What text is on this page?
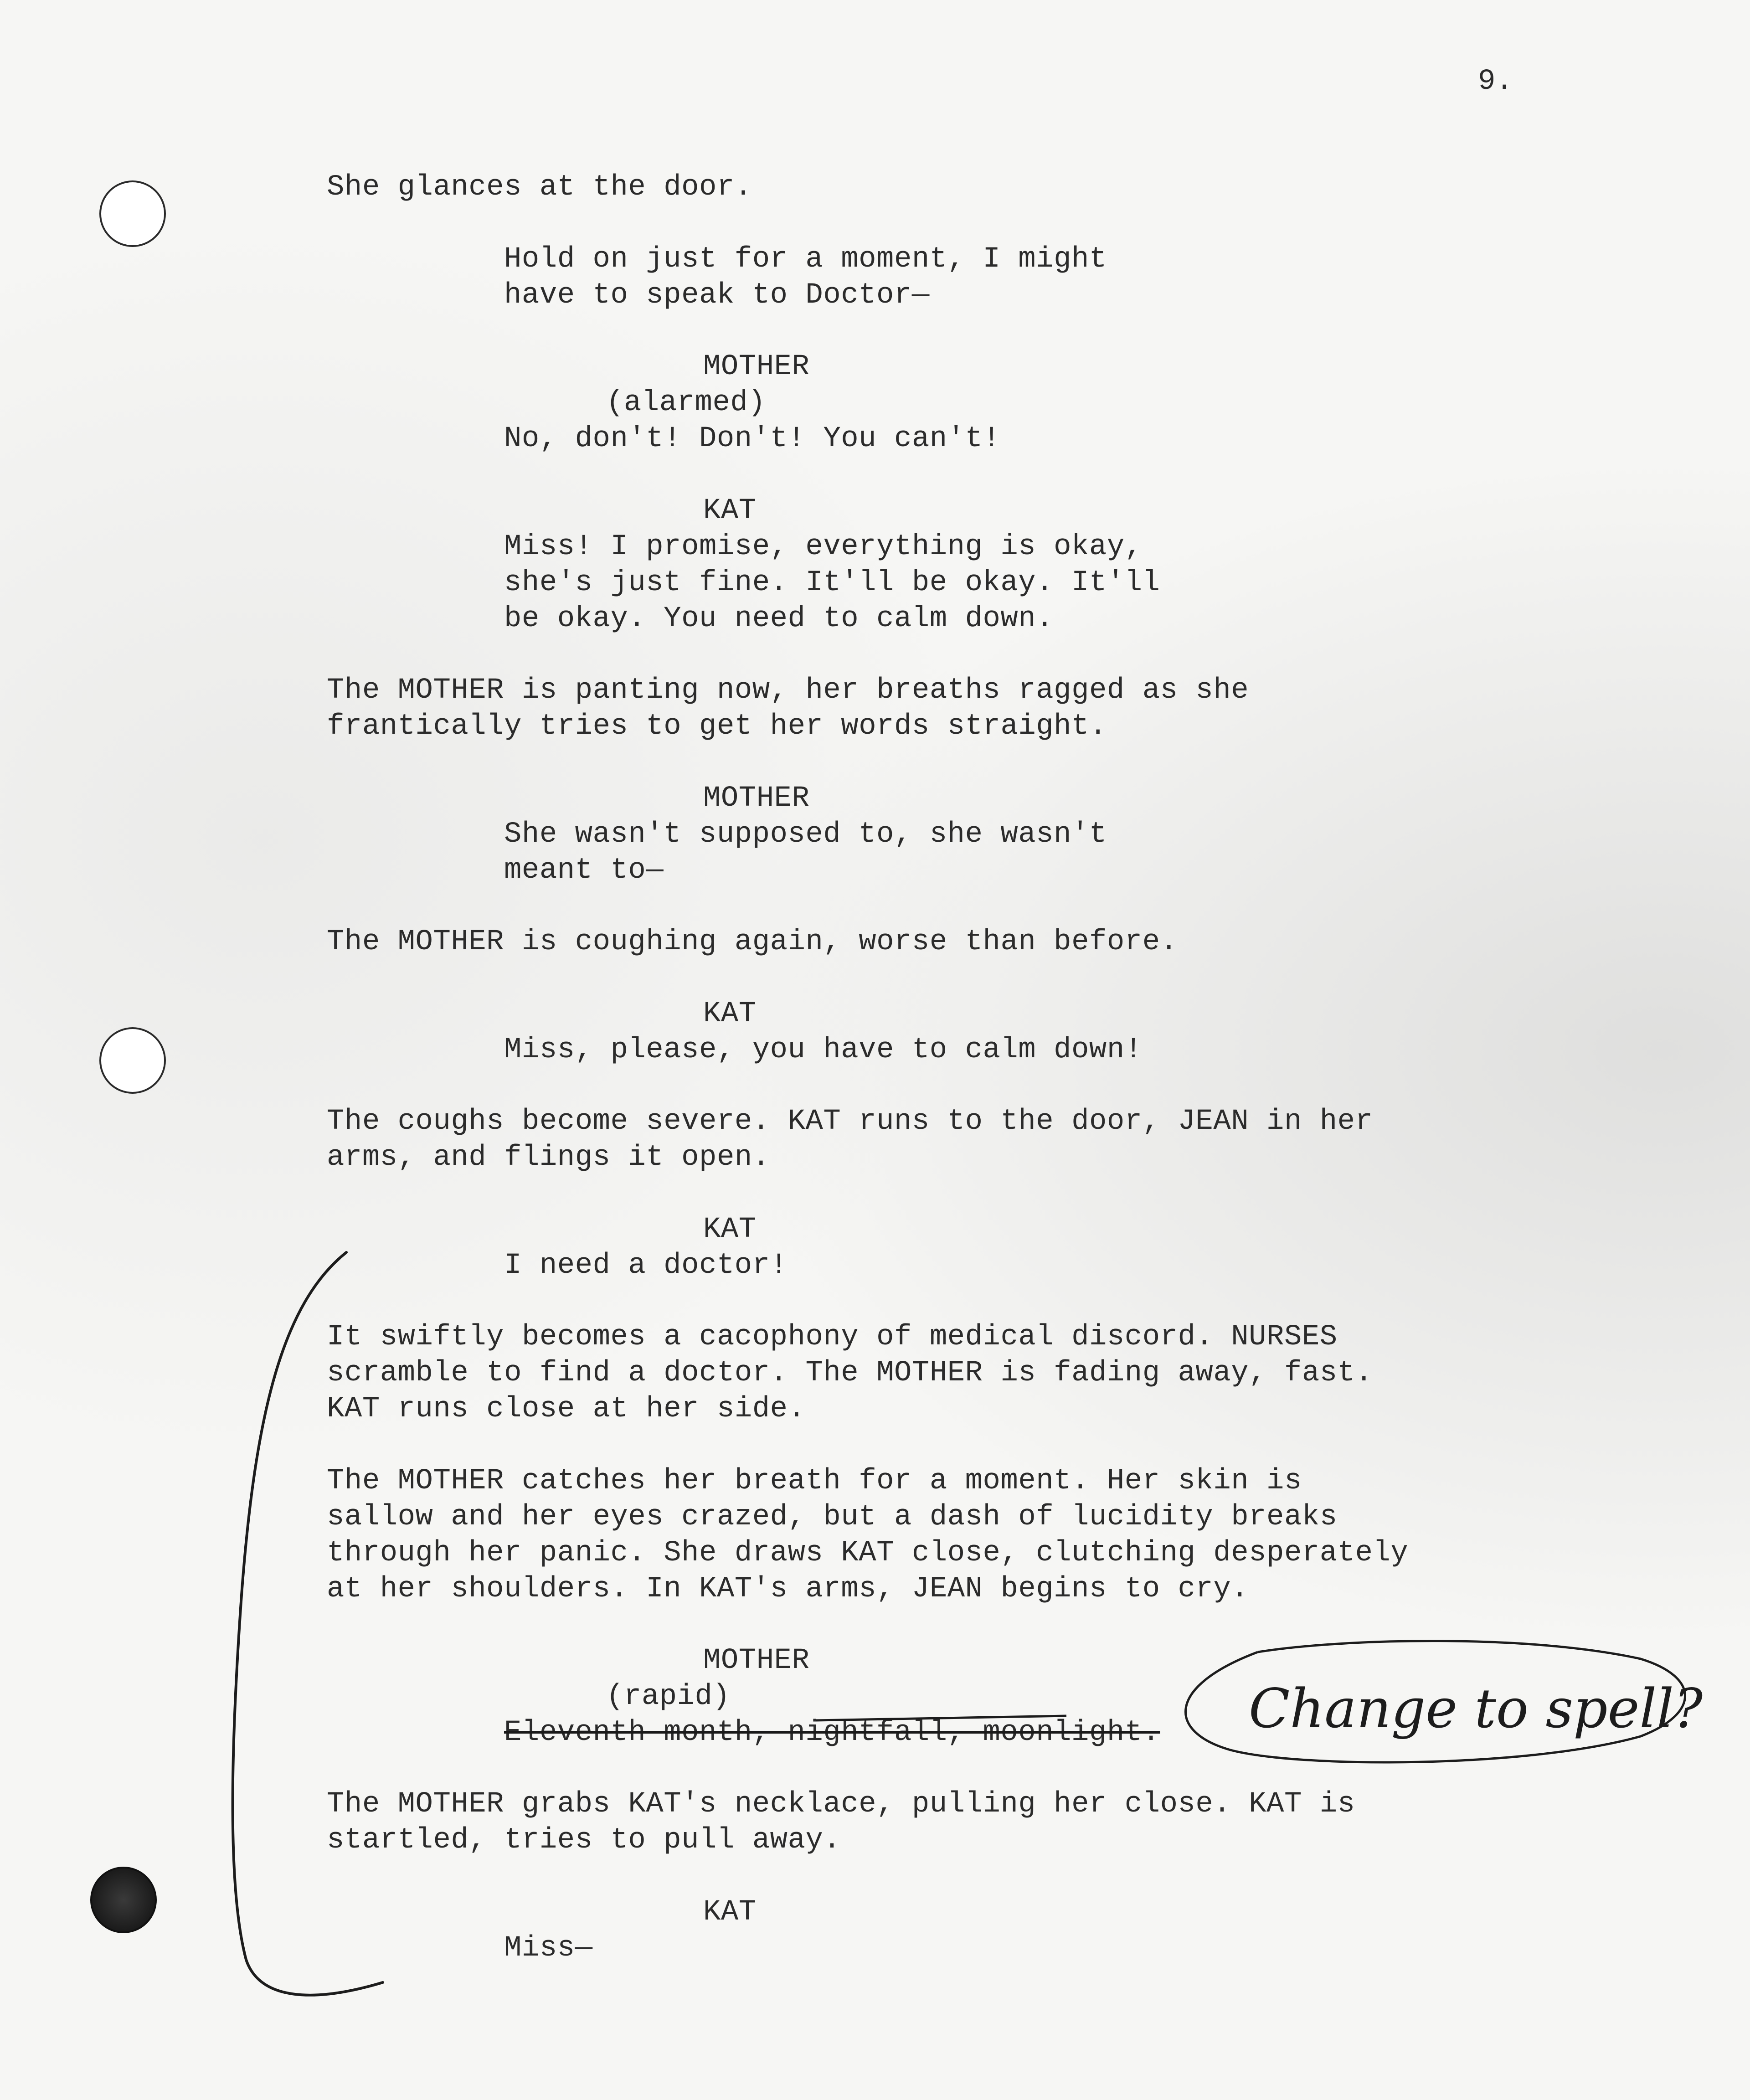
9.
She glances at the door.
Hold on just for a moment, I might
have to speak to Doctor—
MOTHER
(alarmed)
No, don't! Don't! You can't!
KAT
Miss! I promise, everything is okay,
she's just fine. It'll be okay. It'll
be okay. You need to calm down.
The MOTHER is panting now, her breaths ragged as she
frantically tries to get her words straight.
MOTHER
She wasn't supposed to, she wasn't
meant to—
The MOTHER is coughing again, worse than before.
KAT
Miss, please, you have to calm down!
The coughs become severe. KAT runs to the door, JEAN in her
arms, and flings it open.
KAT
I need a doctor!
It swiftly becomes a cacophony of medical discord. NURSES
scramble to find a doctor. The MOTHER is fading away, fast.
KAT runs close at her side.
The MOTHER catches her breath for a moment. Her skin is
sallow and her eyes crazed, but a dash of lucidity breaks
through her panic. She draws KAT close, clutching desperately
at her shoulders. In KAT's arms, JEAN begins to cry.
MOTHER
(rapid)
Eleventh month, nightfall, moonlight.
The MOTHER grabs KAT's necklace, pulling her close. KAT is
startled, tries to pull away.
KAT
Miss—
Change to spell?
